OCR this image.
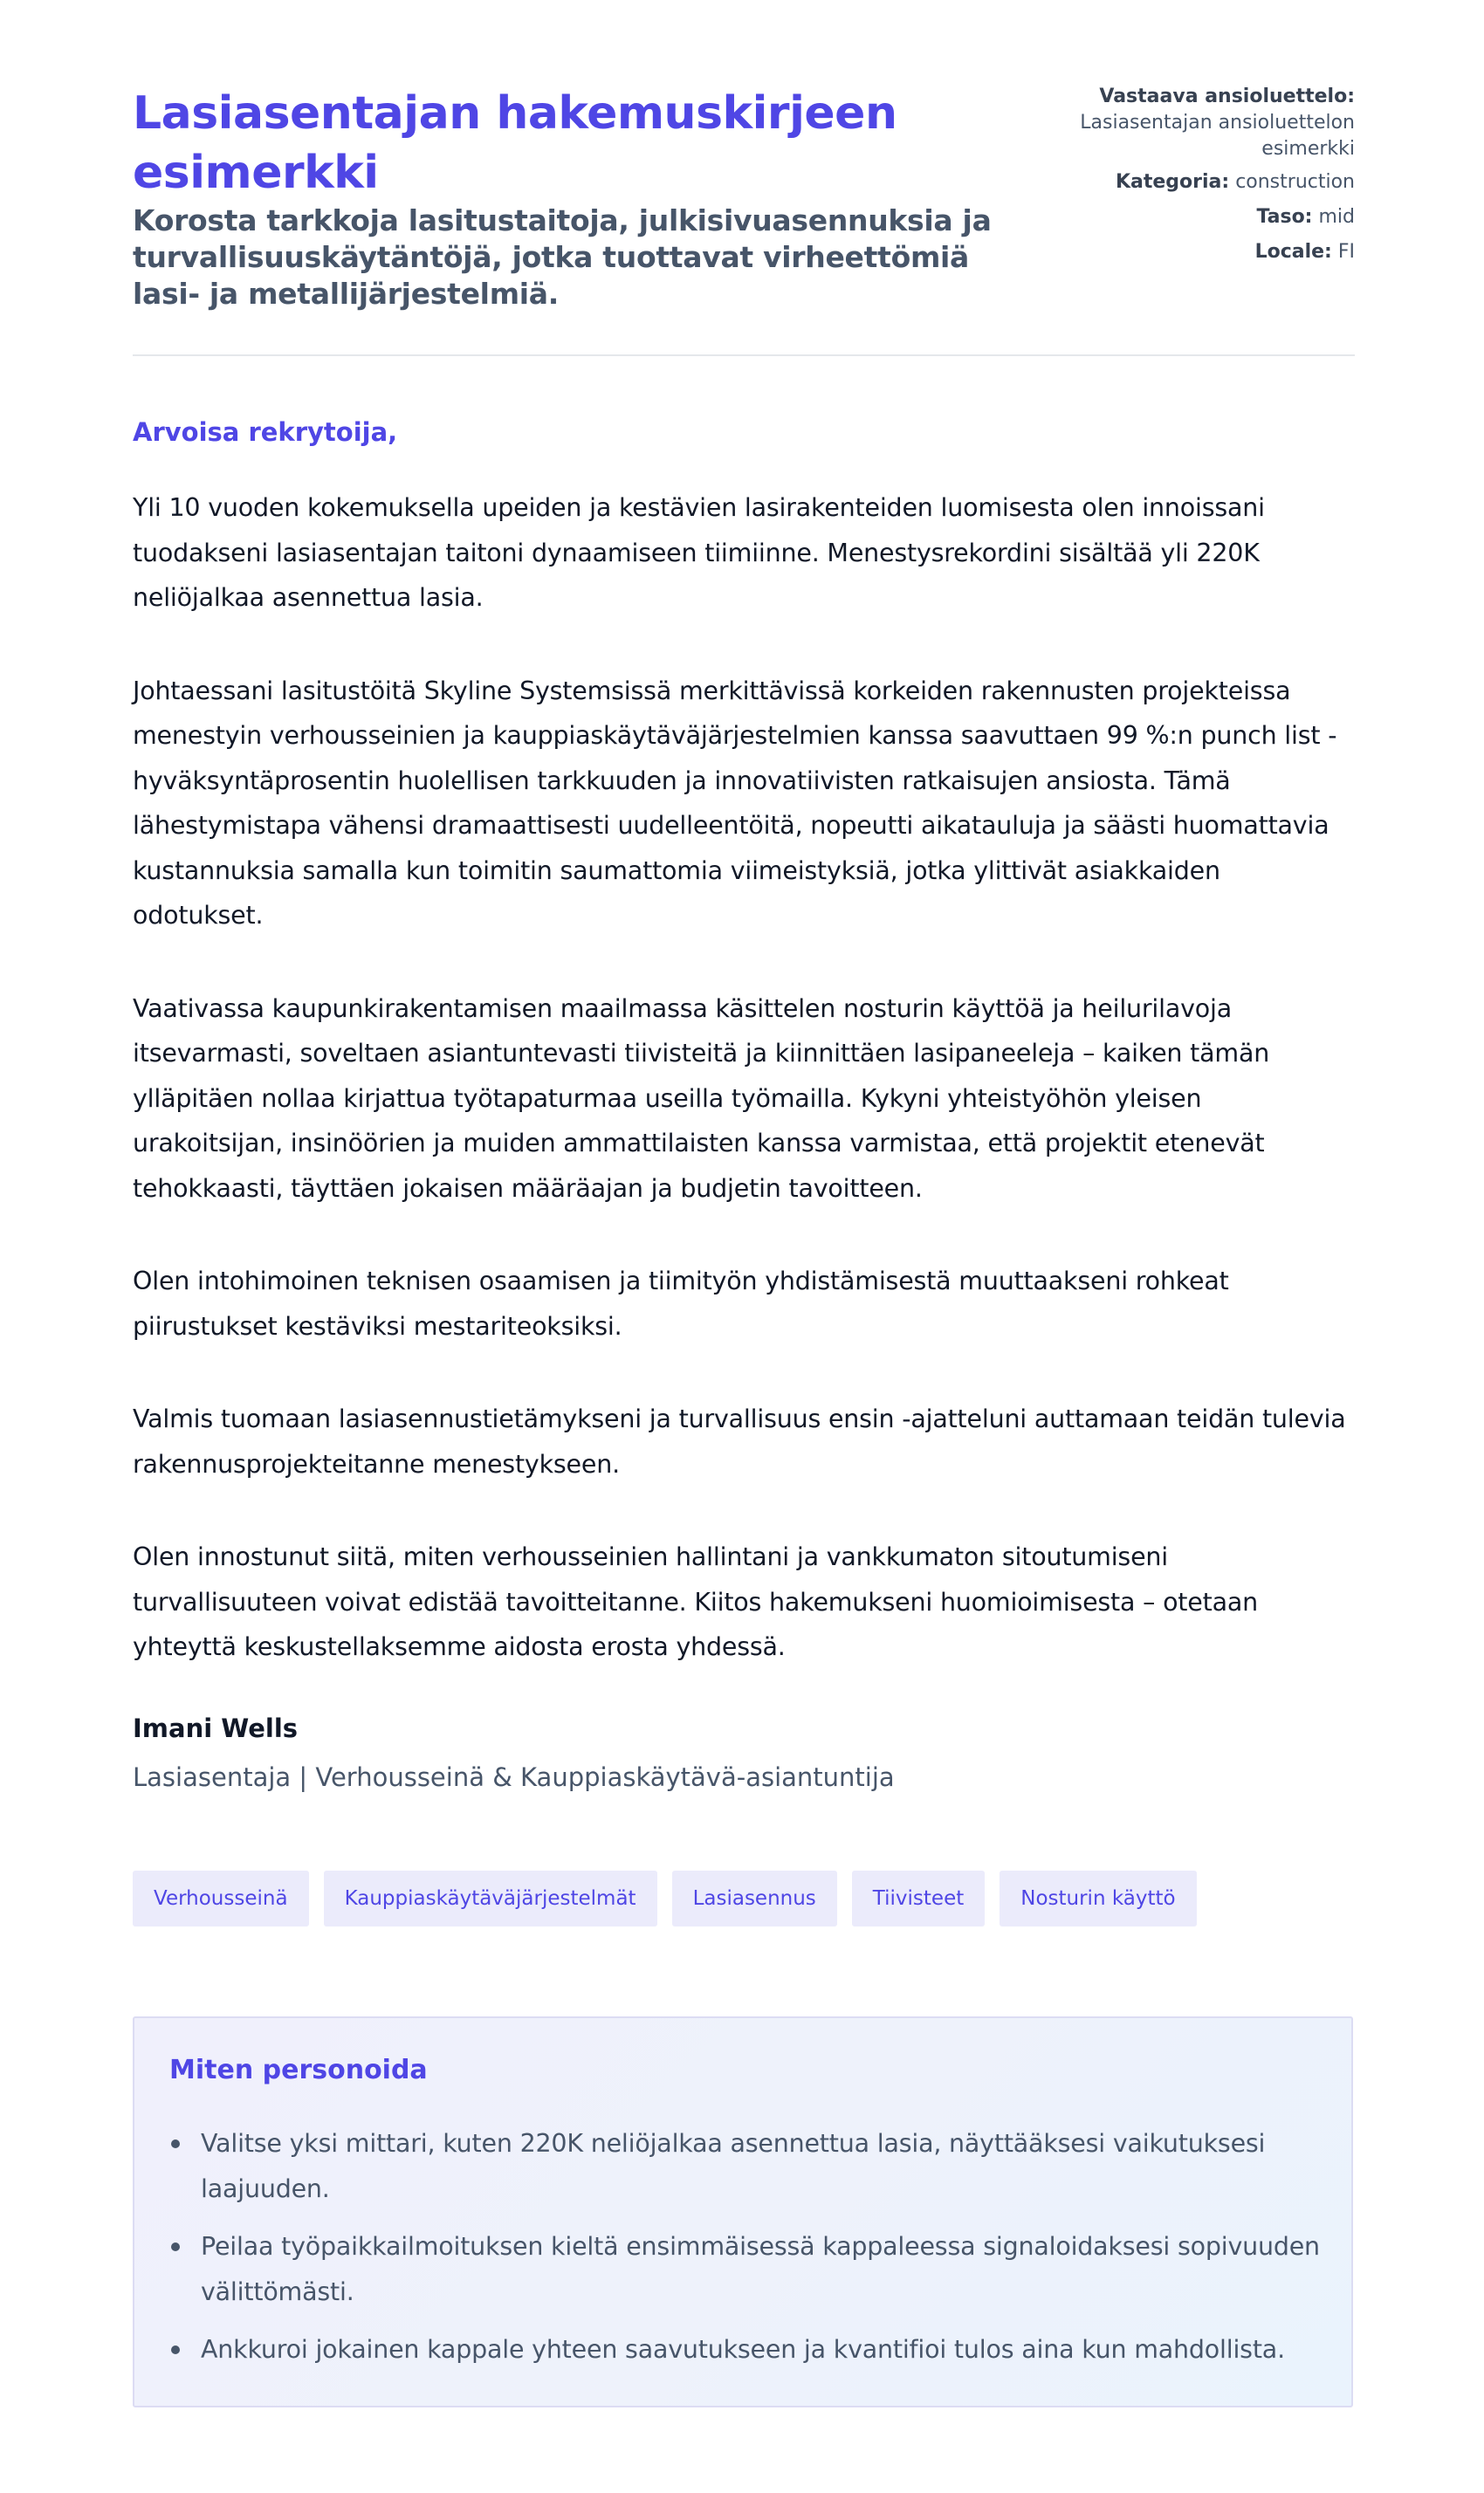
Lasiasentajan hakemuskirjeen esimerkki
Korosta tarkkoja lasitustaitoja, julkisivuasennuksia ja turvallisuuskäytäntöjä, jotka tuottavat virheettömiä lasi- ja metallijärjestelmiä.
Vastaava ansioluettelo:
Lasiasentajan ansioluettelon esimerkki
Kategoria: construction
Taso: mid
Locale: FI
Arvoisa rekrytoija,

Yli 10 vuoden kokemuksella upeiden ja kestävien lasirakenteiden luomisesta olen innoissani tuodakseni lasiasentajan taitoni dynaamiseen tiimiinne. Menestysrekordini sisältää yli 220K neliöjalkaa asennettua lasia.

Johtaessani lasitustöitä Skyline Systemsissä merkittävissä korkeiden rakennusten projekteissa menestyin verhousseinien ja kauppiaskäytäväjärjestelmien kanssa saavuttaen 99 %:n punch list -hyväksyntäprosentin huolellisen tarkkuuden ja innovatiivisten ratkaisujen ansiosta. Tämä lähestymistapa vähensi dramaattisesti uudelleentöitä, nopeutti aikatauluja ja säästi huomattavia kustannuksia samalla kun toimitin saumattomia viimeistyksiä, jotka ylittivät asiakkaiden odotukset.

Vaativassa kaupunkirakentamisen maailmassa käsittelen nosturin käyttöä ja heilurilavoja itsevarmasti, soveltaen asiantuntevasti tiivisteitä ja kiinnittäen lasipaneeleja – kaiken tämän ylläpitäen nollaa kirjattua työtapaturmaa useilla työmailla. Kykyni yhteistyöhön yleisen urakoitsijan, insinöörien ja muiden ammattilaisten kanssa varmistaa, että projektit etenevät tehokkaasti, täyttäen jokaisen määräajan ja budjetin tavoitteen.

Olen intohimoinen teknisen osaamisen ja tiimityön yhdistämisestä muuttaakseni rohkeat piirustukset kestäviksi mestariteoksiksi.

Valmis tuomaan lasiasennustietämykseni ja turvallisuus ensin -ajatteluni auttamaan teidän tulevia rakennusprojekteitanne menestykseen.

Olen innostunut siitä, miten verhousseinien hallintani ja vankkumaton sitoutumiseni turvallisuuteen voivat edistää tavoitteitanne. Kiitos hakemukseni huomioimisesta – otetaan yhteyttä keskustellaksemme aidosta erosta yhdessä.

Imani Wells
Lasiasentaja | Verhousseinä & Kauppiaskäytävä-asiantuntija
Verhousseinä	Kauppiaskäytäväjärjestelmät	Lasiasennus	Tiivisteet	Nosturin käyttö
Miten personoida
Valitse yksi mittari, kuten 220K neliöjalkaa asennettua lasia, näyttääksesi vaikutuksesi laajuuden.
Peilaa työpaikkailmoituksen kieltä ensimmäisessä kappaleessa signaloidaksesi sopivuuden välittömästi.
Ankkuroi jokainen kappale yhteen saavutukseen ja kvantifioi tulos aina kun mahdollista.
